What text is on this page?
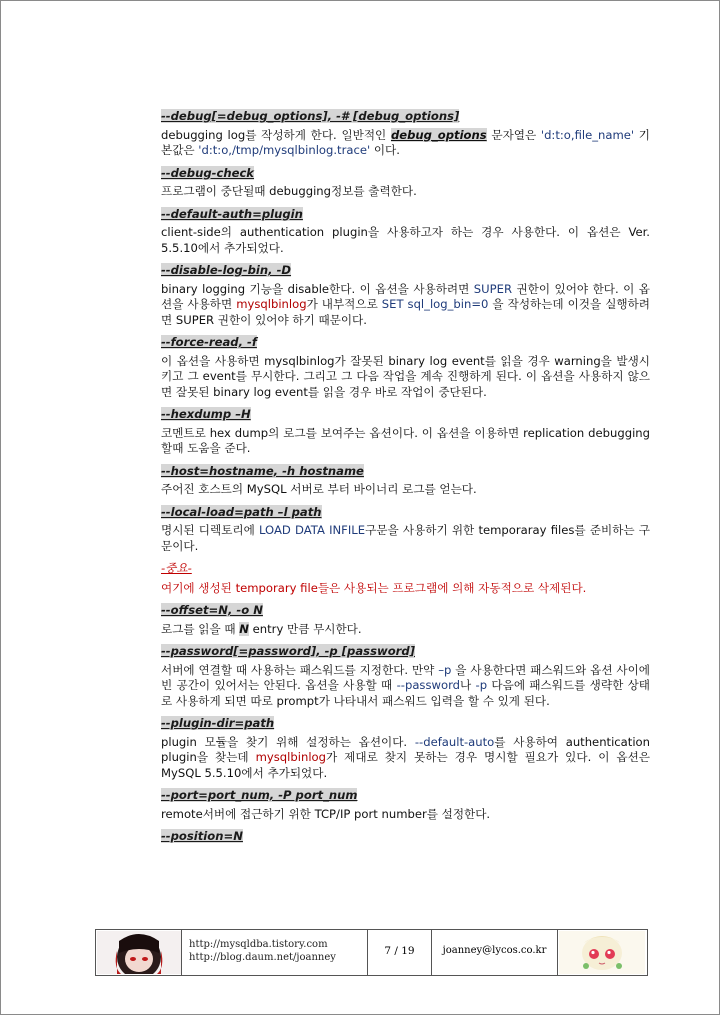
--debug[=debug_options], -# [debug_options]
debugging log를 작성하게 한다. 일반적인 debug_options 문자열은 'd:t:o,file_name' 기본값은 'd:t:o,/tmp/mysqlbinlog.trace' 이다.
--debug-check
프로그램이 중단될때 debugging정보를 출력한다.
--default-auth=plugin
client-side의 authentication plugin을 사용하고자 하는 경우 사용한다. 이 옵션은 Ver. 5.5.10에서 추가되었다.
--disable-log-bin, -D
binary logging 기능을 disable한다. 이 옵션을 사용하려면 SUPER 권한이 있어야 한다. 이 옵션을 사용하면 mysqlbinlog가 내부적으로 SET sql_log_bin=0 을 작성하는데 이것을 실행하려면 SUPER 권한이 있어야 하기 때문이다.
--force-read, -f
이 옵션을 사용하면 mysqlbinlog가 잘못된 binary log event를 읽을 경우 warning을 발생시키고 그 event를 무시한다. 그리고 그 다음 작업을 계속 진행하게 된다. 이 옵션을 사용하지 않으면 잘못된 binary log event를 읽을 경우 바로 작업이 중단된다.
--hexdump –H
코멘트로 hex dump의 로그를 보여주는 옵션이다. 이 옵션을 이용하면 replication debugging할때 도움을 준다.
--host=hostname, -h hostname
주어진 호스트의 MySQL 서버로 부터 바이너리 로그를 얻는다.
--local-load=path –l path
명시된 디렉토리에 LOAD DATA INFILE구문을 사용하기 위한 temporaray files를 준비하는 구문이다.
-중요-
여기에 생성된 temporary file들은 사용되는 프로그램에 의해 자동적으로 삭제된다.
--offset=N, -o N
로그를 읽을 때 N entry 만큼 무시한다.
--password[=password], -p [password]
서버에 연결할 때 사용하는 패스워드를 지정한다. 만약 –p 을 사용한다면 패스워드와 옵션 사이에 빈 공간이 있어서는 안된다. 옵션을 사용할 때 --password나 -p 다음에 패스워드를 생략한 상태로 사용하게 되면 따로 prompt가 나타내서 패스워드 입력을 할 수 있게 된다.
--plugin-dir=path
plugin 모듈을 찾기 위해 설정하는 옵션이다. --default-auto를 사용하여 authentication plugin을 찾는데 mysqlbinlog가 제대로 찾지 못하는 경우 명시할 필요가 있다. 이 옵션은 MySQL 5.5.10에서 추가되었다.
--port=port_num, -P port_num
remote서버에 접근하기 위한 TCP/IP port number를 설정한다.
--position=N
http://mysqldba.tistory.com
http://blog.daum.net/joanney
7 / 19	joanney@lycos.co.kr
